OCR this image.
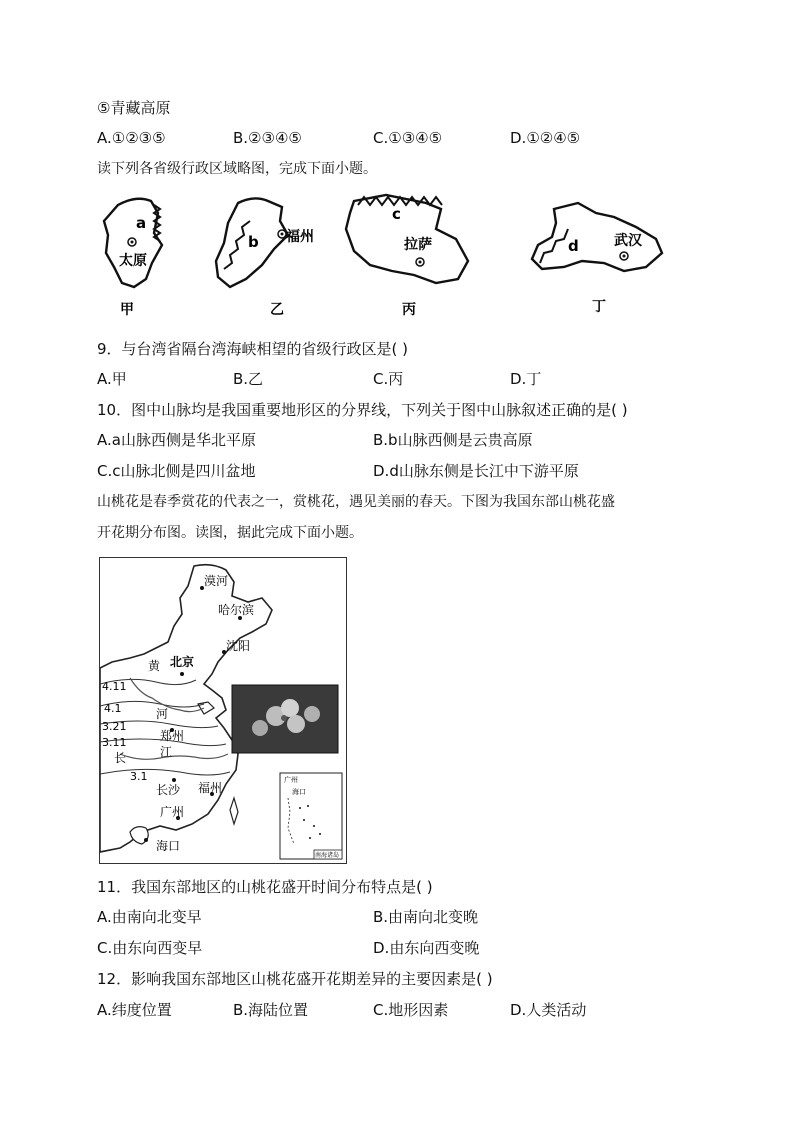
⑤青藏高原
A.①②③⑤	B.②③④⑤	C.①③④⑤	D.①②④⑤
读下列各省级行政区域略图，完成下面小题。
a
太原
甲
b 福州
乙
c
拉萨
丙
d	武汉
丁
9．与台湾省隔台湾海峡相望的省级行政区是( )
A.甲	B.乙	C.丙	D.丁
10．图中山脉均是我国重要地形区的分界线，下列关于图中山脉叙述正确的是( )
A.a山脉西侧是华北平原	B.b山脉西侧是云贵高原
C.c山脉北侧是四川盆地	D.d山脉东侧是长江中下游平原
山桃花是春季赏花的代表之一，赏桃花，遇见美丽的春天。下图为我国东部山桃花盛
开花期分布图。读图，据此完成下面小题。
漠河
哈尔滨
沈阳
北京
郑州
长沙 福州
广州
海口
黄
河
长	江
4.11
4.1
3.21
3.11
3.1	广州
海口
南海诸岛
11．我国东部地区的山桃花盛开时间分布特点是( )
A.由南向北变早	B.由南向北变晚
C.由东向西变早	D.由东向西变晚
12．影响我国东部地区山桃花盛开花期差异的主要因素是( )
A.纬度位置	B.海陆位置	C.地形因素	D.人类活动
